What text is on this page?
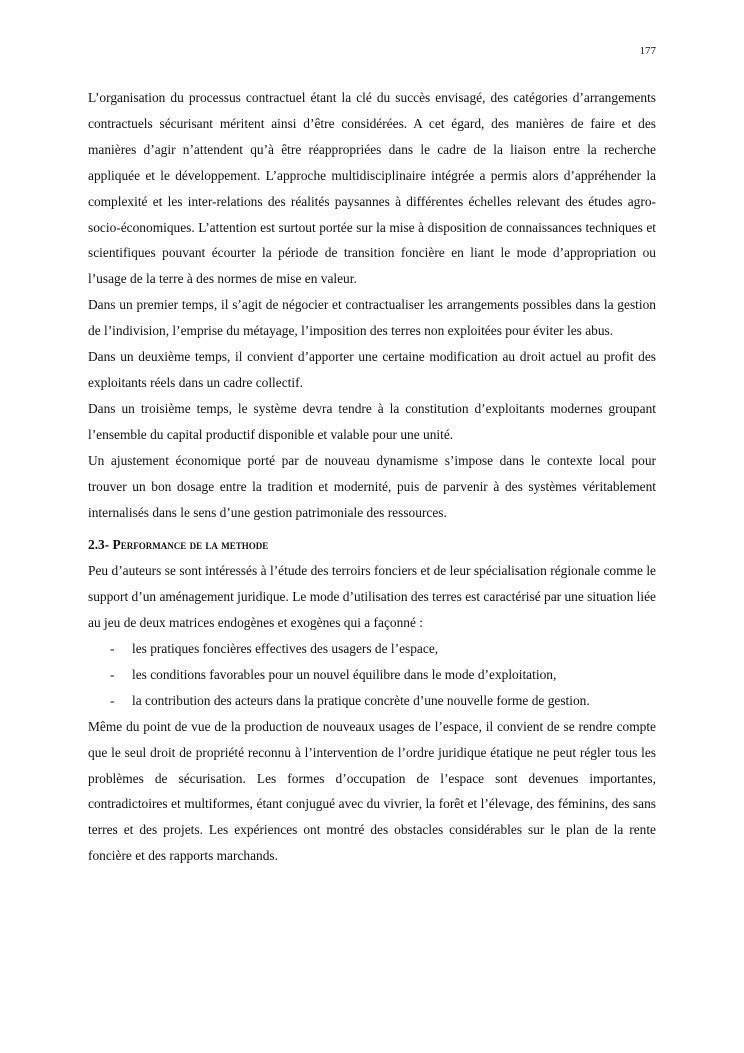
177

L’organisation du processus contractuel étant la clé du succès envisagé, des catégories d’arrangements contractuels sécurisant méritent ainsi d’être considérées. A cet égard, des manières de faire et des manières d’agir n’attendent qu’à être réappropriées dans le cadre de la liaison entre la recherche appliquée et le développement. L’approche multidisciplinaire intégrée a permis alors d’appréhender la complexité et les inter-relations des réalités paysannes à différentes échelles relevant des études agro-socio-économiques. L’attention est surtout portée sur la mise à disposition de connaissances techniques et scientifiques pouvant écourter la période de transition foncière en liant le mode d’appropriation ou l’usage de la terre à des normes de mise en valeur.

Dans un premier temps, il s’agit de négocier et contractualiser les arrangements possibles dans la gestion de l’indivision, l’emprise du métayage, l’imposition des terres non exploitées pour éviter les abus.

Dans un deuxième temps, il convient d’apporter une certaine modification au droit actuel au profit des exploitants réels dans un cadre collectif.

Dans un troisième temps, le système devra tendre à la constitution d’exploitants modernes groupant l’ensemble du capital productif disponible et valable pour une unité.

Un ajustement économique porté par de nouveau dynamisme s’impose dans le contexte local pour trouver un bon dosage entre la tradition et modernité, puis de parvenir à des systèmes véritablement internalisés dans le sens d’une gestion patrimoniale des ressources.

2.3- Performance de la methode

Peu d’auteurs se sont intéressés à l’étude des terroirs fonciers et de leur spécialisation régionale comme le support d’un aménagement juridique. Le mode d’utilisation des terres est caractérisé par une situation liée au jeu de deux matrices endogènes et exogènes qui a façonné :

- les pratiques foncières effectives des usagers de l’espace,
- les conditions favorables pour un nouvel équilibre dans le mode d’exploitation,
- la contribution des acteurs dans la pratique concrète d’une nouvelle forme de gestion.

Même du point de vue de la production de nouveaux usages de l’espace, il convient de se rendre compte que le seul droit de propriété reconnu à l’intervention de l’ordre juridique étatique ne peut régler tous les problèmes de sécurisation. Les formes d’occupation de l’espace sont devenues importantes, contradictoires et multiformes, étant conjugué avec du vivrier, la forêt et l’élevage, des féminins, des sans terres et des projets. Les expériences ont montré des obstacles considérables sur le plan de la rente foncière et des rapports marchands.
